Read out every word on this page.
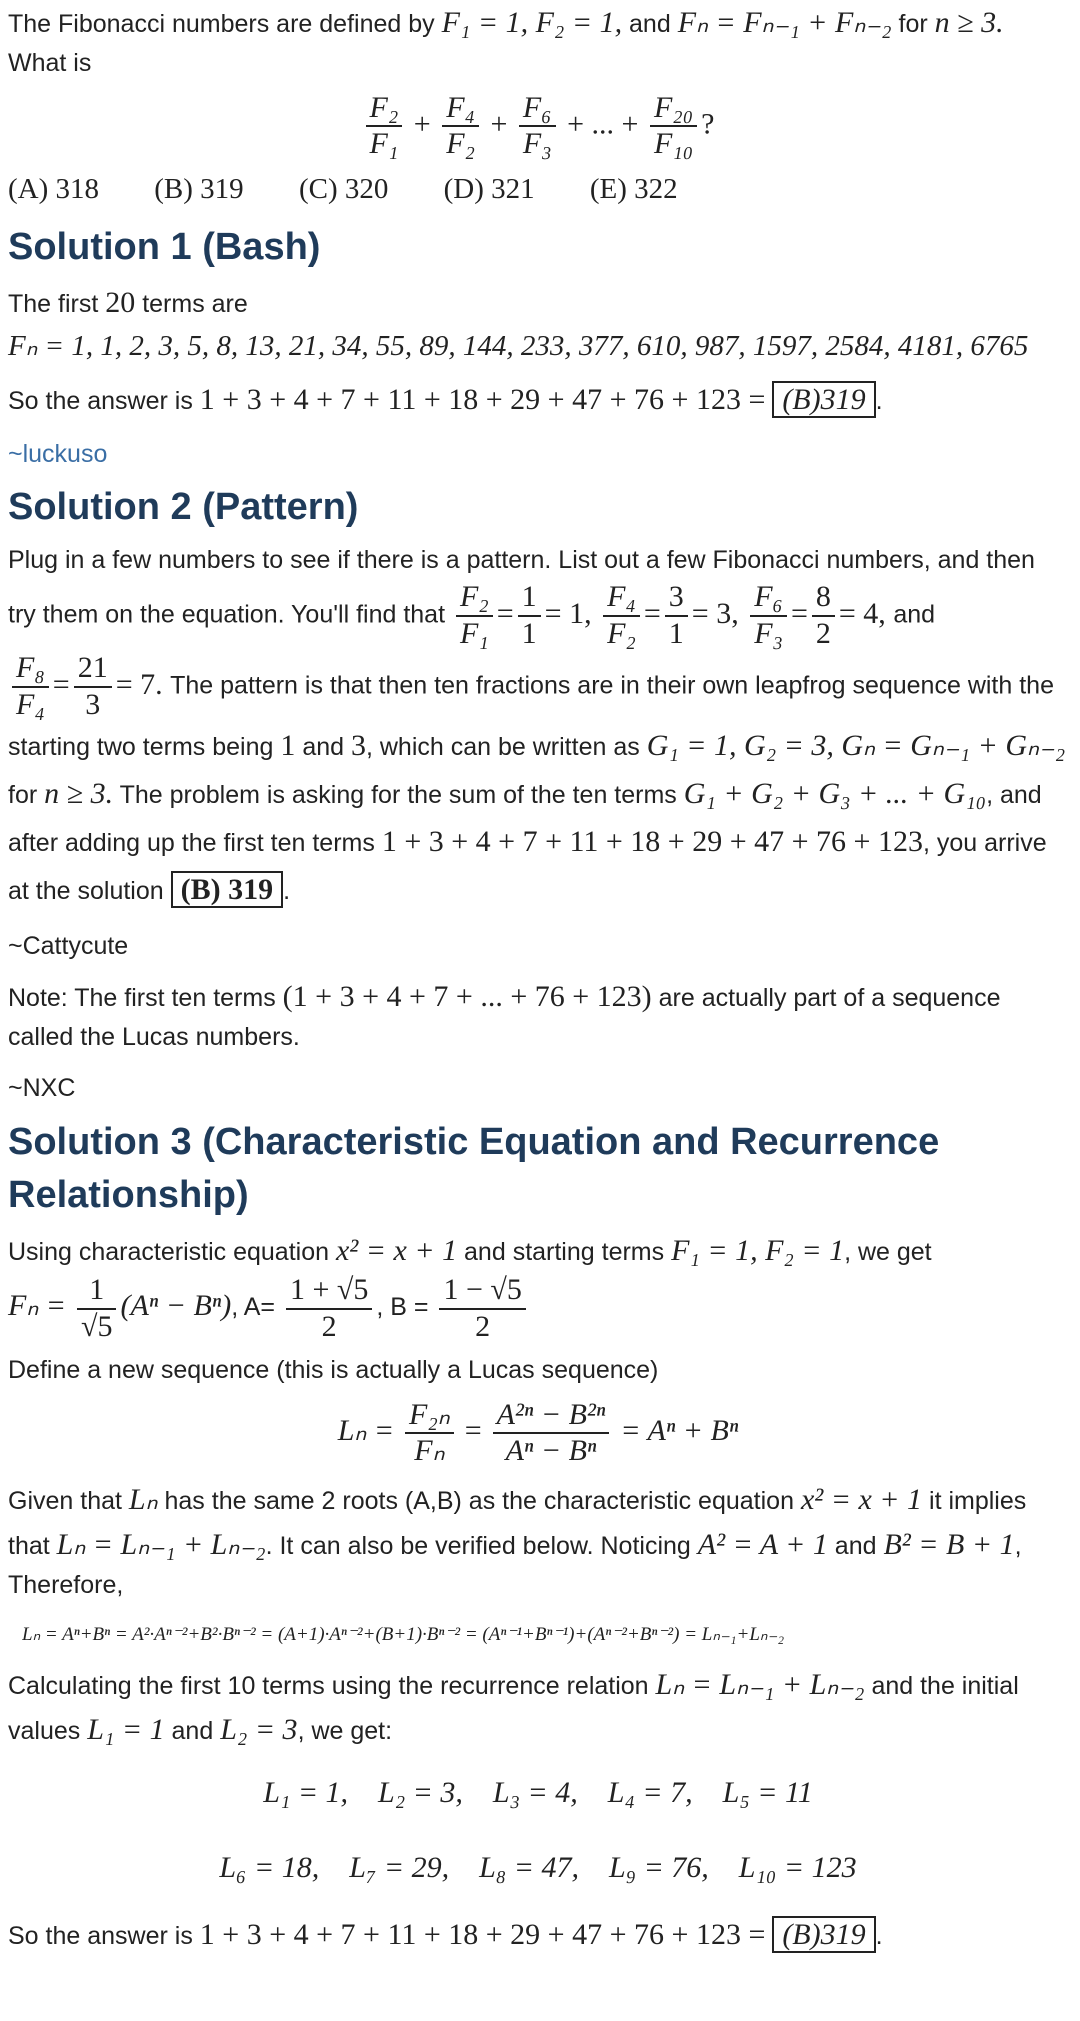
The Fibonacci numbers are defined by F₁ = 1, F₂ = 1, and Fₙ = Fₙ₋₁ + Fₙ₋₂ for n ≥ 3. What is

$\frac{\text{F₂}}{\text{F₁}} + \frac{\text{F₄}}{\text{F₂}} + \frac{\text{F₆}}{\text{F₃}}$ + ... + $\frac{\text{F₂₀}}{\text{F₁₀}}$ ?
(A) 318 (B) 319 (C) 320 (D) 321 (E) 322
Solution 1 (Bash)

The first 20 terms are

Fₙ = 1, 1, 2, 3, 5, 8, 13, 21, 34, 55, 89, 144, 233, 377, 610, 987, 1597, 2584, 4181, 6765

So the answer is 1 + 3 + 4 + 7 + 11 + 18 + 29 + 47 + 76 + 123 = (B)319 .

~luckuso

Solution 2 (Pattern)

Plug in a few numbers to see if there is a pattern. List out a few Fibonacci numbers, and then try them on the equation. You'll find that $\frac{\text{F₂}}{\text{F₁}} = \frac{1}{1} = 1$, $\frac{\text{F₄}}{\text{F₂}} = \frac{3}{1} = 3$, $\frac{\text{F₆}}{\text{F₃}} = \frac{8}{2} = 4$, and
$\frac{\text{F₈}}{\text{F₄}} = \frac{21}{3} = 7$. The pattern is that then ten fractions are in their own leapfrog sequence with the starting two terms being 1 and 3, which can be written as G₁ = 1, G₂ = 3, Gₙ = Gₙ₋₁ + Gₙ₋₂ for n ≥ 3. The problem is asking for the sum of the ten terms G₁ + G₂ + G₃ + ... + G₁₀, and after adding up the first ten terms 1 + 3 + 4 + 7 + 11 + 18 + 29 + 47 + 76 + 123, you arrive at the solution (B) 319 .

~Cattycute

Note: The first ten terms (1 + 3 + 4 + 7 + ... + 76 + 123) are actually part of a sequence called the Lucas numbers.

~NXC

Solution 3 (Characteristic Equation and Recurrence Relationship)

Using characteristic equation x² = x + 1 and starting terms F₁ = 1, F₂ = 1, we get

$F_n = \frac{1}{√5} (A^n - B^n)$, $A= \frac{1 + √5}{2}$ , $B = \frac{1 - √5}{2}$

Define a new sequence (this is actually a Lucas sequence)

$L_n = \frac{\text{F₂ₙ}}{\text{Fₙ}} = \frac{\text{A²ⁿ − B²ⁿ}}{\text{Aⁿ − Bⁿ}} = A^n + B^n$

Given that Lₙ has the same 2 roots (A,B) as the characteristic equation x² = x + 1 it implies that Lₙ = Lₙ₋₁ + Lₙ₋₂. It can also be verified below. Noticing A² = A + 1 and B² = B + 1, Therefore,

Lₙ = Aⁿ+Bⁿ = A²·Aⁿ⁻²+B²·Bⁿ⁻² = (A+1)·Aⁿ⁻²+(B+1)·Bⁿ⁻² = (Aⁿ⁻¹+Bⁿ⁻¹)+(Aⁿ⁻²+Bⁿ⁻²) = Lₙ₋₁+Lₙ₋₂

Calculating the first 10 terms using the recurrence relation Lₙ = Lₙ₋₁ + Lₙ₋₂ and the initial values L₁ = 1 and L₂ = 3, we get:

L₁ = 1,    L₂ = 3,    L₃ = 4,    L₄ = 7,    L₅ = 11
L₆ = 18,    L₇ = 29,    L₈ = 47,    L₉ = 76,    L₁₀ = 123

So the answer is 1 + 3 + 4 + 7 + 11 + 18 + 29 + 47 + 76 + 123 = (B)319 .
